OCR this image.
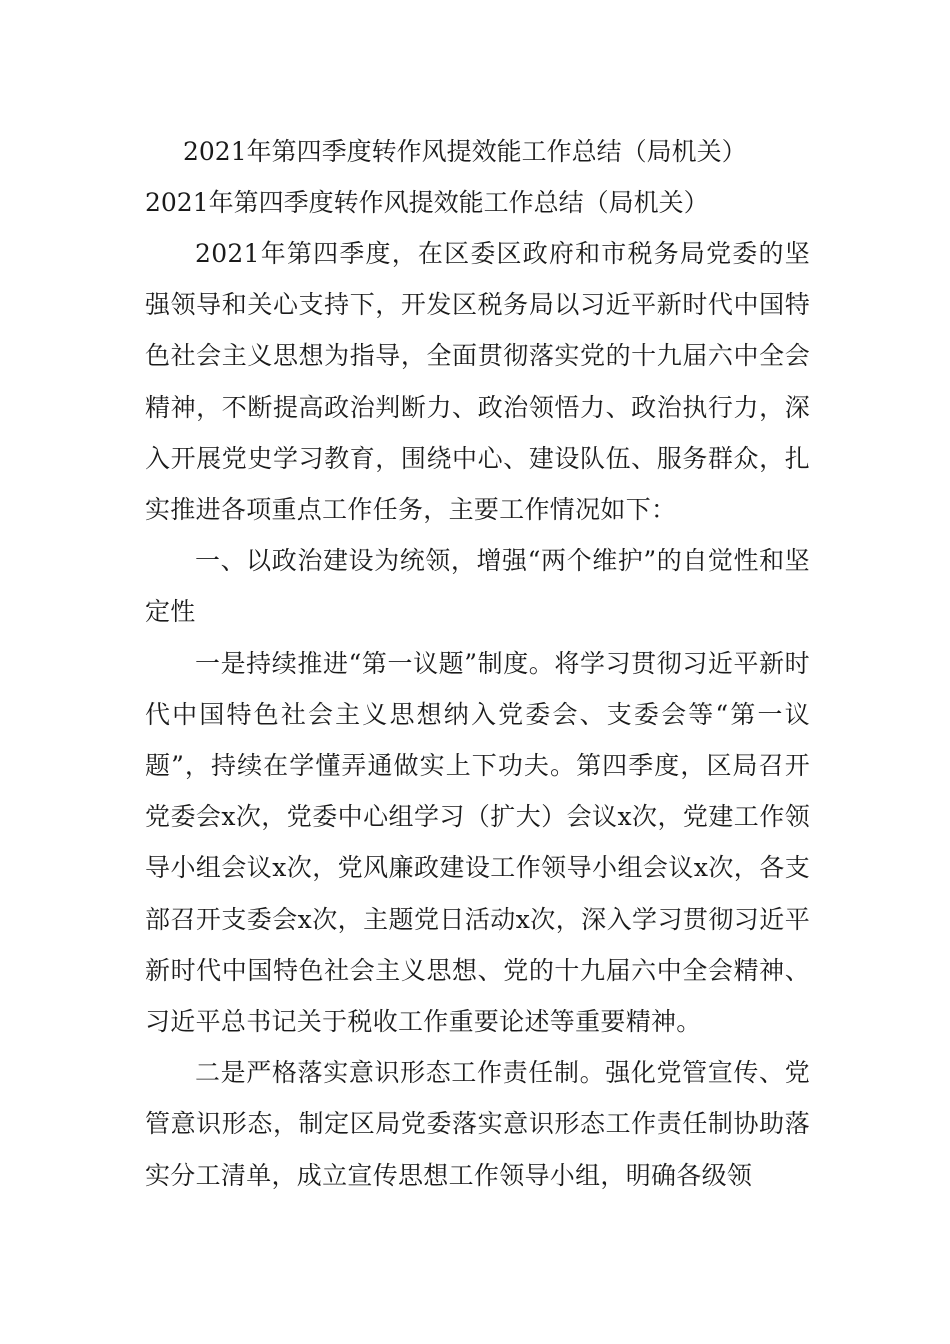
2021年第四季度转作风提效能工作总结（局机关）
2021年第四季度转作风提效能工作总结（局机关）

2021年第四季度，在区委区政府和市税务局党委的坚强领导和关心支持下，开发区税务局以习近平新时代中国特色社会主义思想为指导，全面贯彻落实党的十九届六中全会精神，不断提高政治判断力、政治领悟力、政治执行力，深入开展党史学习教育，围绕中心、建设队伍、服务群众，扎实推进各项重点工作任务，主要工作情况如下：

一、以政治建设为统领，增强“两个维护”的自觉性和坚定性

一是持续推进“第一议题”制度。将学习贯彻习近平新时代中国特色社会主义思想纳入党委会、支委会等“第一议题”，持续在学懂弄通做实上下功夫。第四季度，区局召开党委会x次，党委中心组学习（扩大）会议x次，党建工作领导小组会议x次，党风廉政建设工作领导小组会议x次，各支部召开支委会x次，主题党日活动x次，深入学习贯彻习近平新时代中国特色社会主义思想、党的十九届六中全会精神、习近平总书记关于税收工作重要论述等重要精神。

二是严格落实意识形态工作责任制。强化党管宣传、党管意识形态，制定区局党委落实意识形态工作责任制协助落实分工清单，成立宣传思想工作领导小组，明确各级领
